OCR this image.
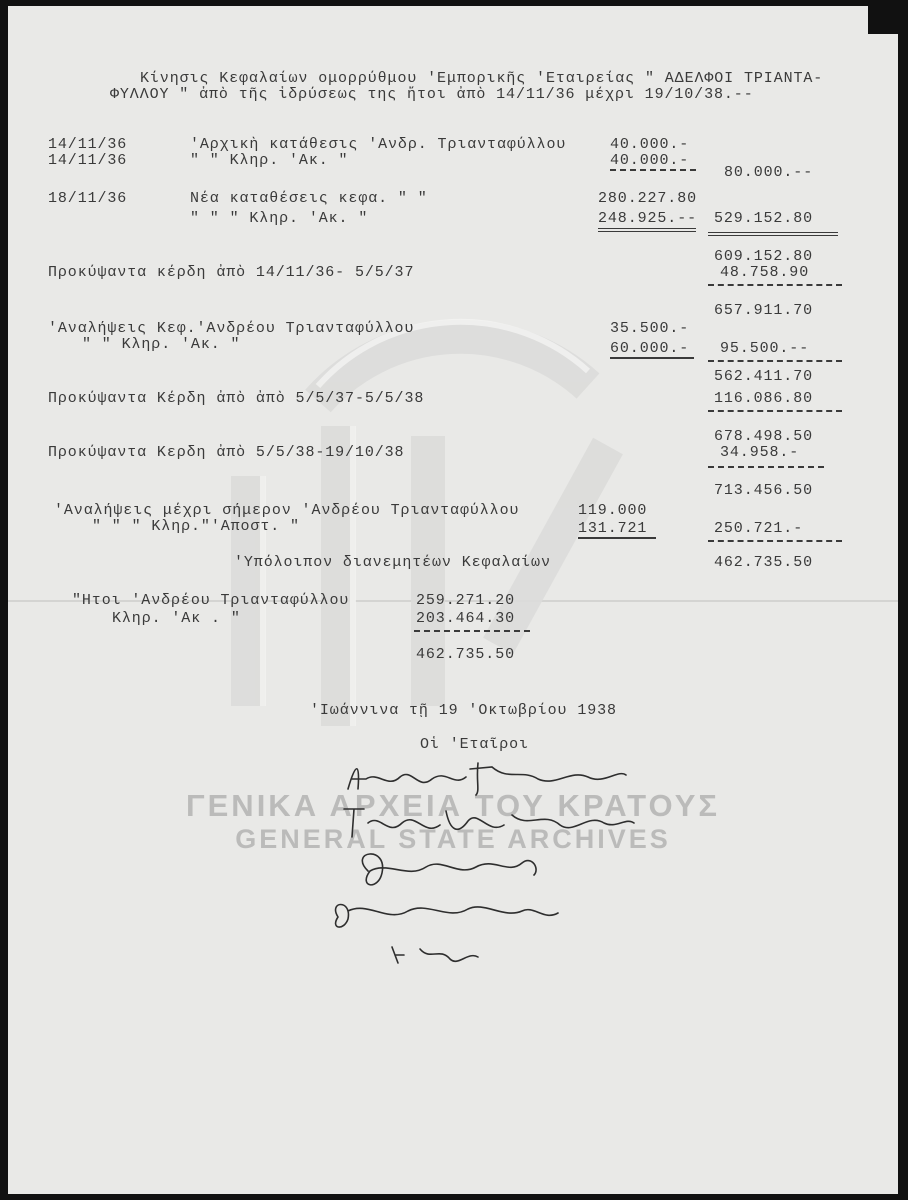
ΓΕΝΙΚΑ ΑΡΧΕΙΑ ΤΟΥ ΚΡΑΤΟΥΣ
GENERAL STATE ARCHIVES
Κίνησις Κεφαλαίων ομορρύθμου 'Εμπορικῆς 'Εταιρείας " ΑΔΕΛΦΟΙ ΤΡΙΑΝΤΑ-
ΦΥΛΛΟΥ " ἀπὸ τῆς ἱδρύσεως της ἤτοι ἀπὸ 14/11/36 μέχρι 19/10/38.--
14/11/36	'Αρχικὴ κατάθεσις 'Ανδρ. Τριανταφύλλου	40.000.-
14/11/36	" " Κληρ. 'Ακ. "	40.000.-
80.000.--
18/11/36	Νέα καταθέσεις κεφα. " "	280.227.80
" " " Κληρ. 'Ακ. "	248.925.-- 529.152.80
609.152.80
Προκύψαντα κέρδη ἀπὸ 14/11/36- 5/5/37	48.758.90
657.911.70
'Αναλήψεις Κεφ.'Ανδρέου Τριανταφύλλου	35.500.-
" " Κληρ. 'Ακ. "	60.000.- 95.500.--
562.411.70
Προκύψαντα Κέρδη ἀπὸ ἀπὸ 5/5/37-5/5/38	116.086.80
678.498.50
Προκύψαντα Κερδη ἀπὸ 5/5/38-19/10/38	34.958.-
713.456.50
'Αναλήψεις μέχρι σήμερον 'Ανδρέου Τριανταφύλλου	119.000
" " " Κληρ."'Αποστ. "	131.721	250.721.-
'Υπόλοιπον διανεμητέων Κεφαλαίων	462.735.50
"Ητοι 'Ανδρέου Τριανταφύλλου	259.271.20
Κληρ. 'Ακ . "	203.464.30
462.735.50
'Ιωάννινα τῇ 19 'Οκτωβρίου 1938
Οἱ 'Εταῖροι
